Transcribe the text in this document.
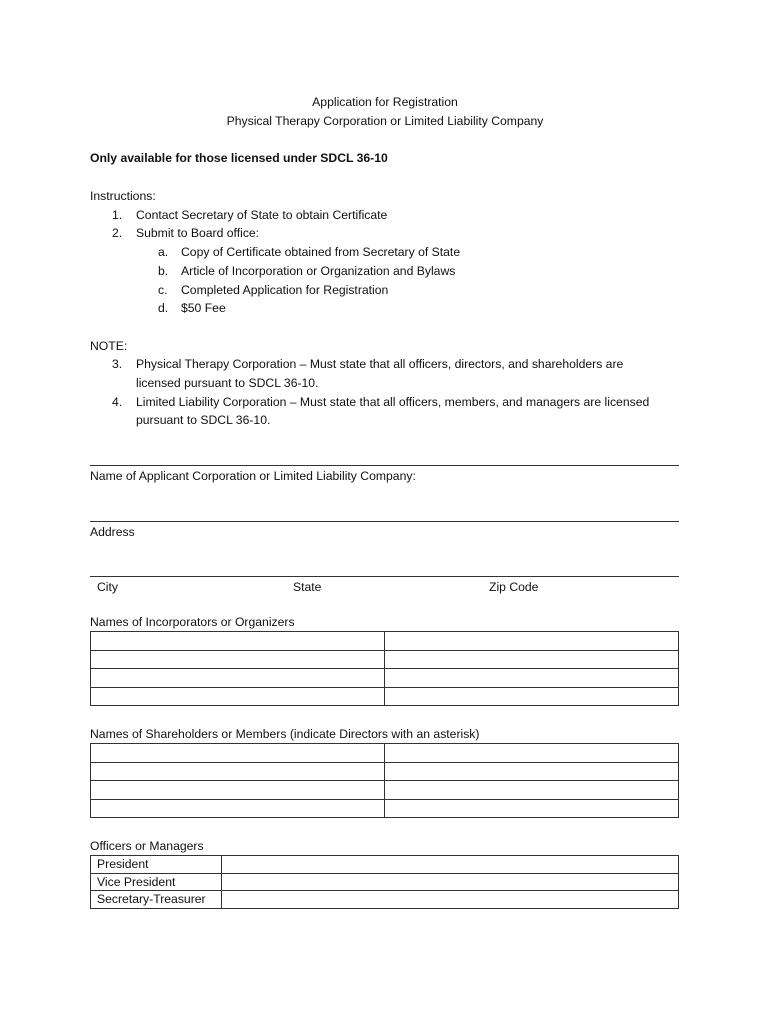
Application for Registration
Physical Therapy Corporation or Limited Liability Company
Only available for those licensed under SDCL 36-10
Instructions:
1. Contact Secretary of State to obtain Certificate
2. Submit to Board office:
a. Copy of Certificate obtained from Secretary of State
b. Article of Incorporation or Organization and Bylaws
c. Completed Application for Registration
d. $50 Fee
NOTE:
3. Physical Therapy Corporation – Must state that all officers, directors, and shareholders are
licensed pursuant to SDCL 36-10.
4. Limited Liability Corporation – Must state that all officers, members, and managers are licensed
pursuant to SDCL 36-10.
Name of Applicant Corporation or Limited Liability Company:
Address
City	State	Zip Code
Names of Incorporators or Organizers

Names of Shareholders or Members (indicate Directors with an asterisk)

Officers or Managers
President	
Vice President	
Secretary-Treasurer	
